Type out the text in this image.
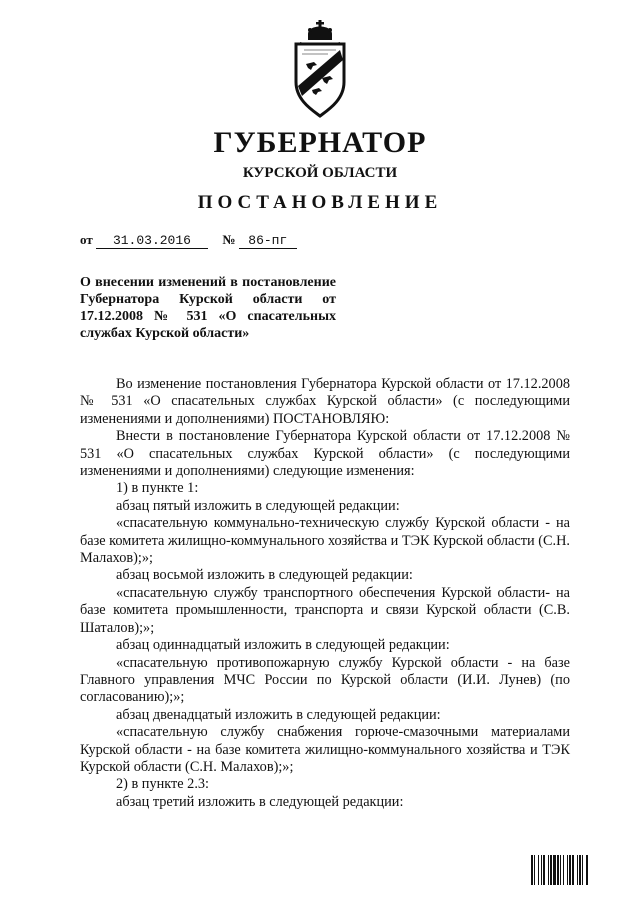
ГУБЕРНАТОР
КУРСКОЙ ОБЛАСТИ
ПОСТАНОВЛЕНИЕ
от 31.03.2016 № 86-пг
О внесении изменений в постановление Губернатора Курской области от 17.12.2008 № 531 «О спасательных службах Курской области»

Во изменение постановления Губернатора Курской области от 17.12.2008 № 531 «О спасательных службах Курской области» (с последующими изменениями и дополнениями) ПОСТАНОВЛЯЮ:

Внести в постановление Губернатора Курской области от 17.12.2008 № 531 «О спасательных службах Курской области» (с последующими изменениями и дополнениями) следующие изменения:

1) в пункте 1:

абзац пятый изложить в следующей редакции:

«спасательную коммунально-техническую службу Курской области - на базе комитета жилищно-коммунального хозяйства и ТЭК Курской области (С.Н. Малахов);»;

абзац восьмой изложить в следующей редакции:

«спасательную службу транспортного обеспечения Курской области- на базе комитета промышленности, транспорта и связи Курской области (С.В. Шаталов);»;

абзац одиннадцатый изложить в следующей редакции:

«спасательную противопожарную службу Курской области - на базе Главного управления МЧС России по Курской области (И.И. Лунев) (по согласованию);»;

абзац двенадцатый изложить в следующей редакции:

«спасательную службу снабжения горюче-смазочными материалами Курской области - на базе комитета жилищно-коммунального хозяйства и ТЭК Курской области (С.Н. Малахов);»;

2) в пункте 2.3:

абзац третий изложить в следующей редакции:
